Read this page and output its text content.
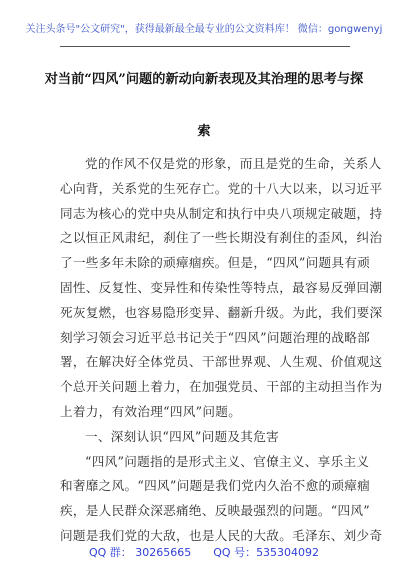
关注头条号"公文研究"，获得最新最全最专业的公文资料库！ 微信：gongwenyj
对当前“四风”问题的新动向新表现及其治理的思考与探
索
党的作风不仅是党的形象，而且是党的生命，关系人
心向背，关系党的生死存亡。党的十八大以来，以习近平
同志为核心的党中央从制定和执行中央八项规定破题，持
之以恒正风肃纪，刹住了一些长期没有刹住的歪风，纠治
了一些多年未除的顽瘴痼疾。但是，“四风”问题具有顽
固性、反复性、变异性和传染性等特点，最容易反弹回潮
死灰复燃，也容易隐形变异、翻新升级。为此，我们要深
刻学习领会习近平总书记关于“四风”问题治理的战略部
署，在解决好全体党员、干部世界观、人生观、价值观这
个总开关问题上着力，在加强党员、干部的主动担当作为
上着力，有效治理“四风”问题。
一、深刻认识“四风”问题及其危害
“四风”问题指的是形式主义、官僚主义、享乐主义
和奢靡之风。“四风”问题是我们党内久治不愈的顽瘴痼
疾，是人民群众深恶痛绝、反映最强烈的问题。“四风”
问题是我们党的大敌，也是人民的大敌。毛泽东、刘少奇
QQ 群： 30265665 QQ 号：535304092
